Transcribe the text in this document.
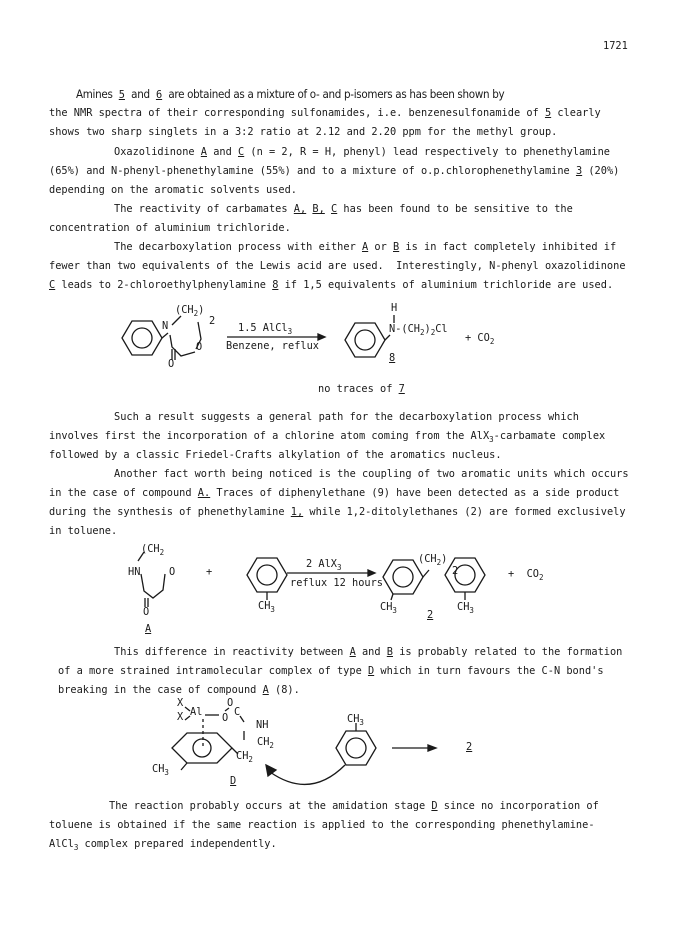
1721
Amines 5 and 6 are obtained as a mixture of o- and p-isomers as has been shown by
the NMR spectra of their corresponding sulfonamides, i.e. benzenesulfonamide of 5 clearly
shows two sharp singlets in a 3:2 ratio at 2.12 and 2.20 ppm for the methyl group.
Oxazolidinone A and C (n = 2, R = H, phenyl) lead respectively to phenethylamine
(65%) and N-phenyl-phenethylamine (55%) and to a mixture of o.p.chlorophenethylamine 3 (20%)
depending on the aromatic solvents used.
The reactivity of carbamates A, B, C has been found to be sensitive to the
concentration of aluminium trichloride.
The decarboxylation process with either A or B is in fact completely inhibited if
fewer than two equivalents of the Lewis acid are used.  Interestingly, N-phenyl oxazolidinone
C leads to 2-chloroethylphenylamine 8 if 1,5 equivalents of aluminium trichloride are used.
$(CH_2)$
2
N
O
O
1.5 AlCl$_3$
Benzene, reflux
H
$N-(CH_2)_2Cl$
+ $CO_2$
8
no traces of 7
Such a result suggests a general path for the decarboxylation process which
involves first the incorporation of a chlorine atom coming from the AlX$_3$-carbamate complex
followed by a classic Friedel-Crafts alkylation of the aromatics nucleus.
Another fact worth being noticed is the coupling of two aromatic units which occurs
in the case of compound A. Traces of diphenylethane (9) have been detected as a side product
during the synthesis of phenethylamine 1, while 1,2-ditolylethanes (2) are formed exclusively
in toluene.
($CH_2$
HN	O
O
A
+
$CH_3$
2 AlX$_3$
reflux 12 hours
$(CH_2)$
2
$CH_3$	$CH_3$
2
+  $CO_2$
This difference in reactivity between A and B is probably related to the formation
of a more strained intramolecular complex of type D which in turn favours the C-N bond's
breaking in the case of compound A (8).
X
X Al
O
O C
NH
$CH_2$
$CH_2$
$CH_3$
$CH_3$
D
2
The reaction probably occurs at the amidation stage D since no incorporation of
toluene is obtained if the same reaction is applied to the corresponding phenethylamine-
AlCl$_3$ complex prepared independently.
